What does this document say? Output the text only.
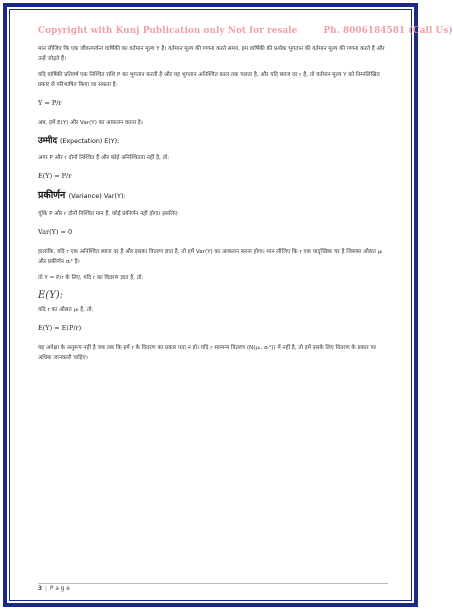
Copyright with Kunj Publication only Not for resale	Ph. 8006184581 (Call Us)

मान लीजिए कि एक जीवनपर्यन्त वार्षिकी का वर्तमान मूल्य Y है। वर्तमान मूल्य की गणना करते समय, हम वार्षिकी की प्रत्येक भुगतान की वर्तमान मूल्य की गणना करते हैं और उन्हें जोड़ते हैं।

यदि वार्षिकी प्रतिवर्ष एक निश्चित राशि P का भुगतान करती है और यह भुगतान अनिश्चित काल तक चलता है, और यदि ब्याज दर r है, तो वर्तमान मूल्य Y को निम्नलिखित प्रकार से परिभाषित किया जा सकता है:

Y = P/r

अब, हमें E(Y) और Var(Y) का आकलन करना है।

उम्मीद (Expectation) E(Y):

अगर P और r दोनों निश्चित हैं और कोई अनिश्चितता नहीं है, तो:

E(Y) = P/r
प्रकीर्णन (Variance) Var(Y):

चूंकि P और r दोनों निश्चित मान हैं, कोई प्रकीर्णन नहीं होगा। इसलिए:

Var(Y) = 0

हालांकि, यदि r एक अनिश्चित ब्याज दर है और इसका वितरण ज्ञात है, तो हमें Var(Y) का आकलन करना होगा। मान लीजिए कि r एक यादृच्छिक चर है जिसका औसत μᵣ और प्रकीर्णन σᵣ² है।

तो Y = P/r के लिए, यदि r का वितरण ज्ञात है, तो:

E(Y):

यदि r का औसत μᵣ है, तो:

E(Y) = E(P/r)

यह अपेक्षा के अनुरूप नहीं है जब तक कि हमें r के वितरण का प्रकार पता न हो। यदि r सामान्य वितरण (N(μᵣ, σᵣ²)) में नहीं है, तो हमें इसके लिए वितरण के प्रकार पर अधिक जानकारी चाहिए।

3 | P a g e
